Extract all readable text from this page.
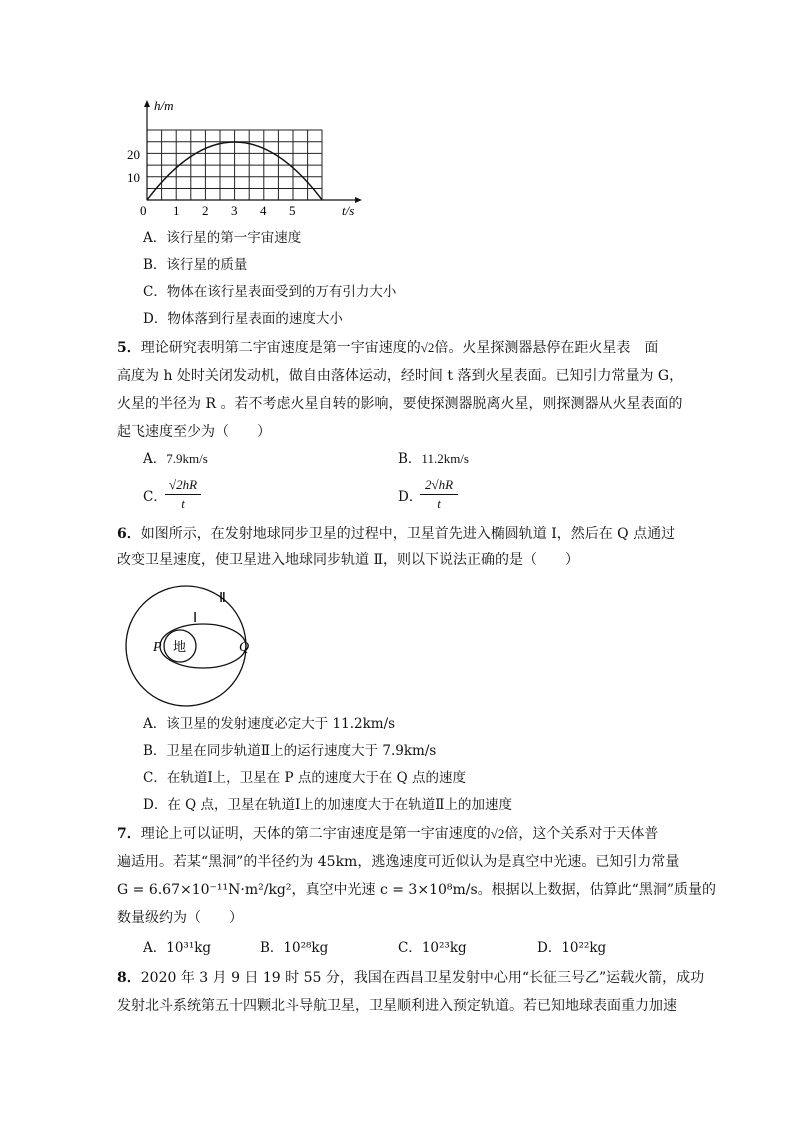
h/m
20
10
0 1 2 3 4 5	t/s
A．该行星的第一宇宙速度
B．该行星的质量
C．物体在该行星表面受到的万有引力大小
D．物体落到行星表面的速度大小
5．理论研究表明第二宇宙速度是第一宇宙速度的√2倍。火星探测器悬停在距火星表　面
高度为 h 处时关闭发动机，做自由落体运动，经时间 t 落到火星表面。已知引力常量为 G，
火星的半径为 R 。若不考虑火星自转的影响，要使探测器脱离火星，则探测器从火星表面的
起飞速度至少为（　　）
A．7.9km/s	B．11.2km/s
C．
√2hR
t	D．
2√hR
t
6．如图所示，在发射地球同步卫星的过程中，卫星首先进入椭圆轨道 Ⅰ，然后在 Q 点通过
改变卫星速度，使卫星进入地球同步轨道 Ⅱ，则以下说法正确的是（　　）
Ⅱ
Ⅰ
P	Q
地
A．该卫星的发射速度必定大于 11.2km/s
B．卫星在同步轨道Ⅱ上的运行速度大于 7.9km/s
C．在轨道Ⅰ上，卫星在 P 点的速度大于在 Q 点的速度
D．在 Q 点，卫星在轨道Ⅰ上的加速度大于在轨道Ⅱ上的加速度
7．理论上可以证明，天体的第二宇宙速度是第一宇宙速度的√2倍，这个关系对于天体普
遍适用。若某“黑洞”的半径约为 45km，逃逸速度可近似认为是真空中光速。已知引力常量
G = 6.67×10⁻¹¹N·m²/kg²，真空中光速 c = 3×10⁸m/s。根据以上数据，估算此“黑洞”质量的
数量级约为（　　）
A．10³¹kg	B．10²⁸kg	C．10²³kg	D．10²²kg
8．2020 年 3 月 9 日 19 时 55 分，我国在西昌卫星发射中心用“长征三号乙”运载火箭，成功
发射北斗系统第五十四颗北斗导航卫星，卫星顺利进入预定轨道。若已知地球表面重力加速
